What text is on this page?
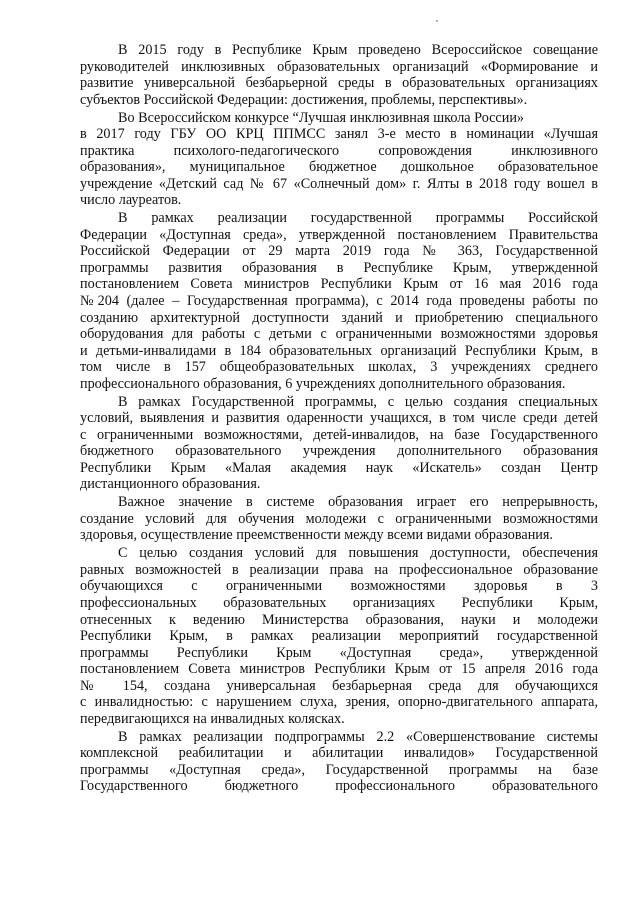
В 2015 году в Республике Крым проведено Всероссийское совещание
руководителей инклюзивных образовательных организаций «Формирование и
развитие универсальной безбарьерной среды в образовательных организациях
субъектов Российской Федерации: достижения, проблемы, перспективы».

Во Всероссийском конкурсе “Лучшая инклюзивная школа России»
в 2017 году ГБУ ОО КРЦ ППМСС занял 3-е место в номинации «Лучшая
практика психолого-педагогического сопровождения инклюзивного
образования», муниципальное бюджетное дошкольное образовательное
учреждение «Детский сад № 67 «Солнечный дом» г. Ялты в 2018 году вошел в
число лауреатов.

В рамках реализации государственной программы Российской
Федерации «Доступная среда», утвержденной постановлением Правительства
Российской Федерации от 29 марта 2019 года № 363, Государственной
программы развития образования в Республике Крым, утвержденной
постановлением Совета министров Республики Крым от 16 мая 2016 года
№204 (далее – Государственная программа), с 2014 года проведены работы по
созданию архитектурной доступности зданий и приобретению специального
оборудования для работы с детьми с ограниченными возможностями здоровья
и детьми-инвалидами в 184 образовательных организаций Республики Крым, в
том числе в 157 общеобразовательных школах, 3 учреждениях среднего
профессионального образования, 6 учреждениях дополнительного образования.

В рамках Государственной программы, с целью создания специальных
условий, выявления и развития одаренности учащихся, в том числе среди детей
с ограниченными возможностями, детей-инвалидов, на базе Государственного
бюджетного образовательного учреждения дополнительного образования
Республики Крым «Малая академия наук «Искатель» создан Центр
дистанционного образования.

Важное значение в системе образования играет его непрерывность,
создание условий для обучения молодежи с ограниченными возможностями
здоровья, осуществление преемственности между всеми видами образования.

С целью создания условий для повышения доступности, обеспечения
равных возможностей в реализации права на профессиональное образование
обучающихся с ограниченными возможностями здоровья в 3
профессиональных образовательных организациях Республики Крым,
отнесенных к ведению Министерства образования, науки и молодежи
Республики Крым, в рамках реализации мероприятий государственной
программы Республики Крым «Доступная среда», утвержденной
постановлением Совета министров Республики Крым от 15 апреля 2016 года
№ 154, создана универсальная безбарьерная среда для обучающихся
с инвалидностью: с нарушением слуха, зрения, опорно-двигательного аппарата,
передвигающихся на инвалидных колясках.

В рамках реализации подпрограммы 2.2 «Совершенствование системы
комплексной реабилитации и абилитации инвалидов» Государственной
программы «Доступная среда», Государственной программы на базе
Государственного бюджетного профессионального образовательного
